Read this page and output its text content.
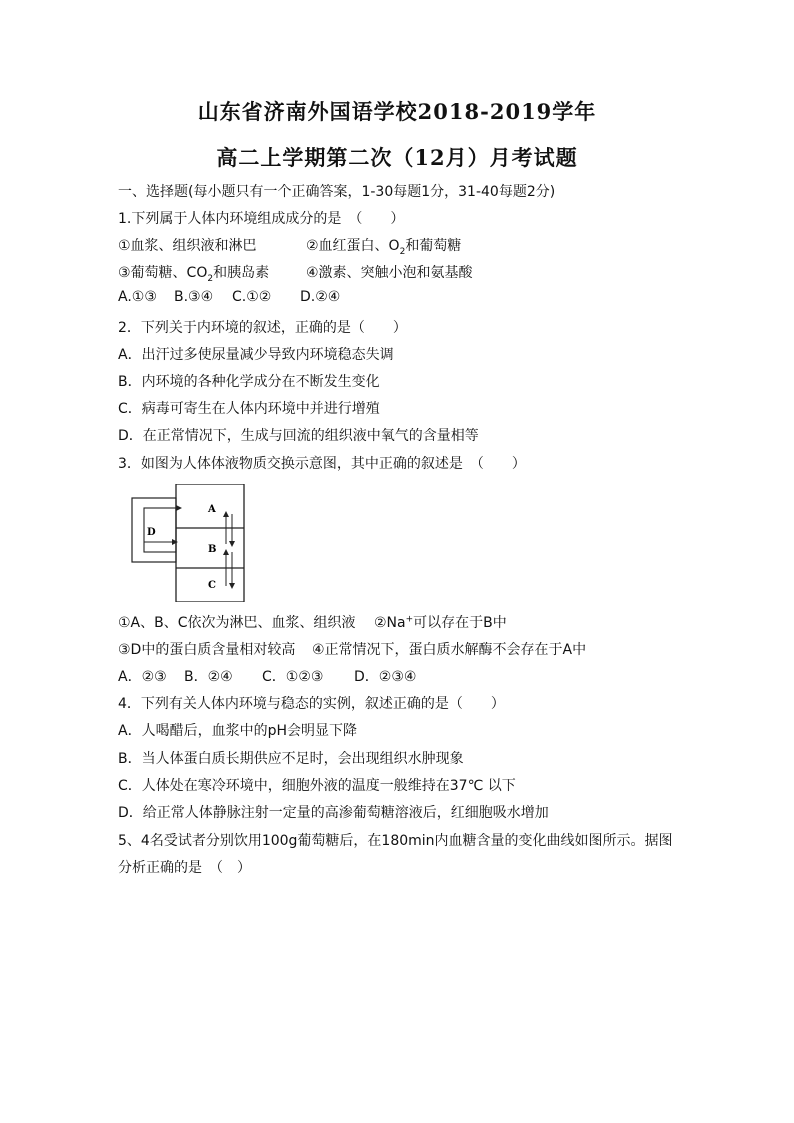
山东省济南外国语学校2018-2019学年
高二上学期第二次（12月）月考试题
一、选择题(每小题只有一个正确答案，1-30每题1分，31-40每题2分)
1.下列属于人体内环境组成成分的是　（　　）
①血浆、组织液和淋巴	②血红蛋白、$O_2$和葡萄糖
③葡萄糖、$CO_2$和胰岛素	④激素、突触小泡和氨基酸
A.①③ B.③④ C.①② D.②④
2．下列关于内环境的叙述，正确的是（　　）
A．出汗过多使尿量减少导致内环境稳态失调
B．内环境的各种化学成分在不断发生变化
C．病毒可寄生在人体内环境中并进行增殖
D．在正常情况下，生成与回流的组织液中氧气的含量相等
3．如图为人体体液物质交换示意图，其中正确的叙述是　（　　）
A
B
C
D
①A、B、C依次为淋巴、血浆、组织液 ②Na+可以存在于B中
③D中的蛋白质含量相对较高 ④正常情况下，蛋白质水解酶不会存在于A中
A．②③ B．②④ C．①②③ D．②③④
4．下列有关人体内环境与稳态的实例，叙述正确的是（　　）
A．人喝醋后，血浆中的pH会明显下降
B．当人体蛋白质长期供应不足时，会出现组织水肿现象
C．人体处在寒冷环境中，细胞外液的温度一般维持在37℃ 以下
D．给正常人体静脉注射一定量的高渗葡萄糖溶液后，红细胞吸水增加
5、4名受试者分别饮用100g葡萄糖后，在180min内血糖含量的变化曲线如图所示。据图
分析正确的是　（　）
